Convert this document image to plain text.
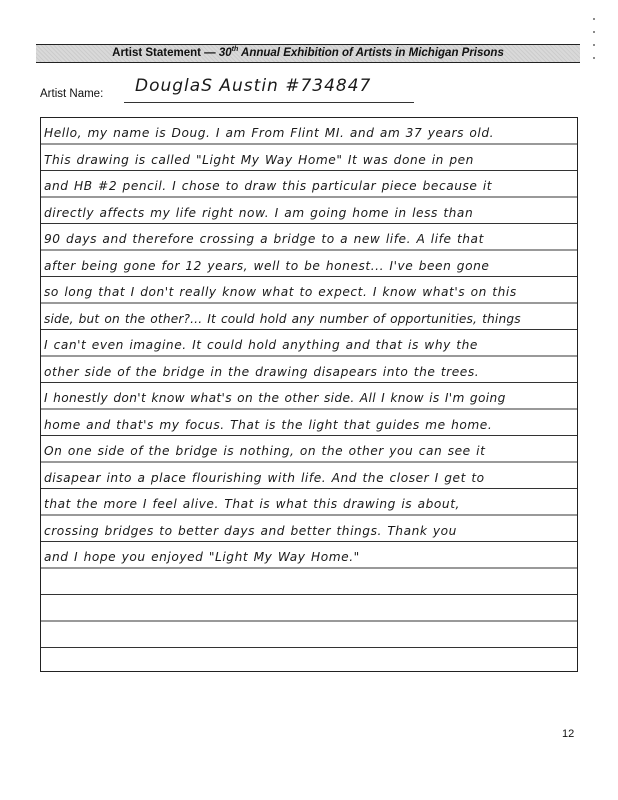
Artist Statement — 30th Annual Exhibition of Artists in Michigan Prisons
Artist Name: DouglaS Austin #734847
Hello, my name is Doug. I am From Flint MI. and am 37 years old.
This drawing is called "Light My Way Home" It was done in pen
and HB #2 pencil. I chose to draw this particular piece because it
directly affects my life right now. I am going home in less than
90 days and therefore crossing a bridge to a new life. A life that
after being gone for 12 years, well to be honest... I've been gone
so long that I don't really know what to expect. I know what's on this
side, but on the other?... It could hold any number of opportunities, things
I can't even imagine. It could hold anything and that is why the
other side of the bridge in the drawing disapears into the trees.
I honestly don't know what's on the other side. All I know is I'm going
home and that's my focus. That is the light that guides me home.
On one side of the bridge is nothing, on the other you can see it
disapear into a place flourishing with life. And the closer I get to
that the more I feel alive. That is what this drawing is about,
crossing bridges to better days and better things. Thank you
and I hope you enjoyed "Light My Way Home."
12
